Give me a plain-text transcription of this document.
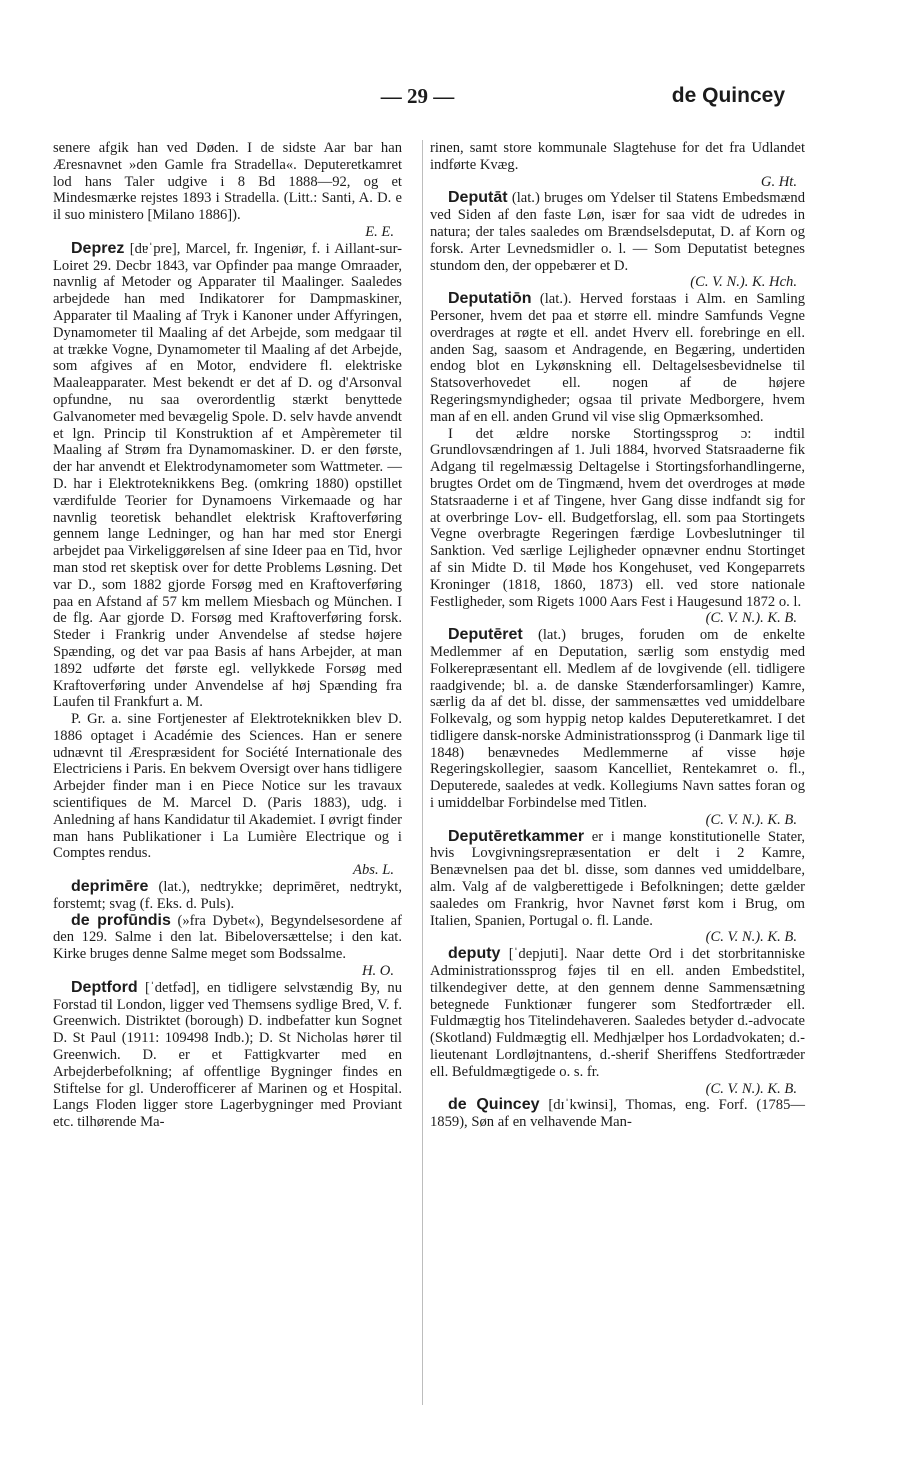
— 29 —	de Quincey

senere afgik han ved Døden. I de sidste Aar bar han Æresnavnet »den Gamle fra Stradella«. Deputeretkamret lod hans Taler udgive i 8 Bd 1888—92, og et Mindesmærke rejstes 1893 i Stradella. (Litt.: Santi, A. D. e il suo ministero [Milano 1886]).
E. E.

Deprez [dɐˈpre], Marcel, fr. Ingeniør, f. i Aillant-sur-Loiret 29. Decbr 1843, var Opfinder paa mange Omraader, navnlig af Metoder og Apparater til Maalinger. Saaledes arbejdede han med Indikatorer for Dampmaskiner, Apparater til Maaling af Tryk i Kanoner under Affyringen, Dynamometer til Maaling af det Arbejde, som medgaar til at trække Vogne, Dynamometer til Maaling af det Arbejde, som afgives af en Motor, endvidere fl. elektriske Maaleapparater. Mest bekendt er det af D. og d'Arsonval opfundne, nu saa overordentlig stærkt benyttede Galvanometer med bevægelig Spole. D. selv havde anvendt et lgn. Princip til Konstruktion af et Ampèremeter til Maaling af Strøm fra Dynamomaskiner. D. er den første, der har anvendt et Elektrodynamometer som Wattmeter. — D. har i Elektroteknikkens Beg. (omkring 1880) opstillet værdifulde Teorier for Dynamoens Virkemaade og har navnlig teoretisk behandlet elektrisk Kraftoverføring gennem lange Ledninger, og han har med stor Energi arbejdet paa Virkeliggørelsen af sine Ideer paa en Tid, hvor man stod ret skeptisk over for dette Problems Løsning. Det var D., som 1882 gjorde Forsøg med en Kraftoverføring paa en Afstand af 57 km mellem Miesbach og München. I de flg. Aar gjorde D. Forsøg med Kraftoverføring forsk. Steder i Frankrig under Anvendelse af stedse højere Spænding, og det var paa Basis af hans Arbejder, at man 1892 udførte det første egl. vellykkede Forsøg med Kraftoverføring under Anvendelse af høj Spænding fra Laufen til Frankfurt a. M.

P. Gr. a. sine Fortjenester af Elektroteknikken blev D. 1886 optaget i Académie des Sciences. Han er senere udnævnt til Ærespræsident for Société Internationale des Electriciens i Paris. En bekvem Oversigt over hans tidligere Arbejder finder man i en Piece Notice sur les travaux scientifiques de M. Marcel D. (Paris 1883), udg. i Anledning af hans Kandidatur til Akademiet. I øvrigt finder man hans Publikationer i La Lumière Electrique og i Comptes rendus.
Abs. L.

deprimēre (lat.), nedtrykke; deprimēret, nedtrykt, forstemt; svag (f. Eks. d. Puls).

de profūndis (»fra Dybet«), Begyndelsesordene af den 129. Salme i den lat. Bibeloversættelse; i den kat. Kirke bruges denne Salme meget som Bodssalme.
H. O.

Deptford [ˈdetfəd], en tidligere selvstændig By, nu Forstad til London, ligger ved Themsens sydlige Bred, V. f. Greenwich. Distriktet (borough) D. indbefatter kun Sognet D. St Paul (1911: 109498 Indb.); D. St Nicholas hører til Greenwich. D. er et Fattigkvarter med en Arbejderbefolkning; af offentlige Bygninger findes en Stiftelse for gl. Underofficerer af Marinen og et Hospital. Langs Floden ligger store Lagerbygninger med Proviant etc. tilhørende Ma-

rinen, samt store kommunale Slagtehuse for det fra Udlandet indførte Kvæg.
G. Ht.

Deputāt (lat.) bruges om Ydelser til Statens Embedsmænd ved Siden af den faste Løn, især for saa vidt de udredes in natura; der tales saaledes om Brændselsdeputat, D. af Korn og forsk. Arter Levnedsmidler o. l. — Som Deputatist betegnes stundom den, der oppebærer et D.
(C. V. N.). K. Hch.

Deputatiōn (lat.). Herved forstaas i Alm. en Samling Personer, hvem det paa et større ell. mindre Samfunds Vegne overdrages at røgte et ell. andet Hverv ell. forebringe en ell. anden Sag, saasom et Andragende, en Begæring, undertiden endog blot en Lykønskning ell. Deltagelsesbevidnelse til Statsoverhovedet ell. nogen af de højere Regeringsmyndigheder; ogsaa til private Medborgere, hvem man af en ell. anden Grund vil vise slig Opmærksomhed.

I det ældre norske Stortingssprog ɔ: indtil Grundlovsændringen af 1. Juli 1884, hvorved Statsraaderne fik Adgang til regelmæssig Deltagelse i Stortingsforhandlingerne, brugtes Ordet om de Tingmænd, hvem det overdroges at møde Statsraaderne i et af Tingene, hver Gang disse indfandt sig for at overbringe Lov- ell. Budgetforslag, ell. som paa Stortingets Vegne overbragte Regeringen færdige Lovbeslutninger til Sanktion. Ved særlige Lejligheder opnævner endnu Stortinget af sin Midte D. til Møde hos Kongehuset, ved Kongeparrets Kroninger (1818, 1860, 1873) ell. ved store nationale Festligheder, som Rigets 1000 Aars Fest i Haugesund 1872 o. l.
(C. V. N.). K. B.

Deputēret (lat.) bruges, foruden om de enkelte Medlemmer af en Deputation, særlig som enstydig med Folkerepræsentant ell. Medlem af de lovgivende (ell. tidligere raadgivende; bl. a. de danske Stænderforsamlinger) Kamre, særlig da af det bl. disse, der sammensættes ved umiddelbare Folkevalg, og som hyppig netop kaldes Deputeretkamret. I det tidligere dansk-norske Administrationssprog (i Danmark lige til 1848) benævnedes Medlemmerne af visse høje Regeringskollegier, saasom Kancelliet, Rentekamret o. fl., Deputerede, saaledes at vedk. Kollegiums Navn sattes foran og i umiddelbar Forbindelse med Titlen.
(C. V. N.). K. B.

Deputēretkammer er i mange konstitutionelle Stater, hvis Lovgivningsrepræsentation er delt i 2 Kamre, Benævnelsen paa det bl. disse, som dannes ved umiddelbare, alm. Valg af de valgberettigede i Befolkningen; dette gælder saaledes om Frankrig, hvor Navnet først kom i Brug, om Italien, Spanien, Portugal o. fl. Lande.
(C. V. N.). K. B.

deputy [ˈdepjuti]. Naar dette Ord i det storbritanniske Administrationssprog føjes til en ell. anden Embedstitel, tilkendegiver dette, at den gennem denne Sammensætning betegnede Funktionær fungerer som Stedfortræder ell. Fuldmægtig hos Titelindehaveren. Saaledes betyder d.-advocate (Skotland) Fuldmægtig ell. Medhjælper hos Lordadvokaten; d.-lieutenant Lordløjtnantens, d.-sherif Sheriffens Stedfortræder ell. Befuldmægtigede o. s. fr.
(C. V. N.). K. B.

de Quincey [dɪˈkwinsi], Thomas, eng. Forf. (1785—1859), Søn af en velhavende Man-
